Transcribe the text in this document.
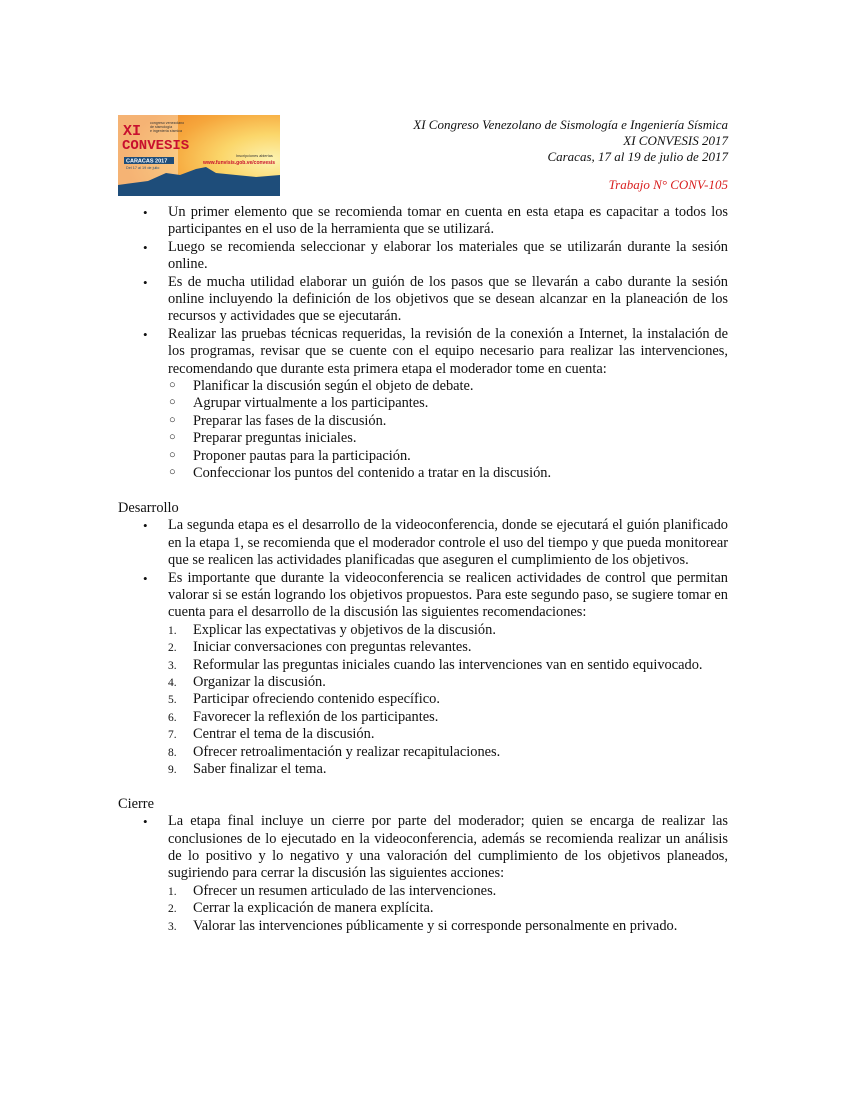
XI
CONVESIS
congreso venezolano
de sismología
e ingeniería sísmica
CARACAS 2017
Del 17 al 19 de julio
Inscripciones abiertas
www.funvisis.gob.ve/convesis
XI Congreso Venezolano de Sismología e Ingeniería Sísmica
XI CONVESIS 2017
Caracas, 17 al 19 de julio de 2017
Trabajo N° CONV-105
• Un primer elemento que se recomienda tomar en cuenta en esta etapa es capacitar a todos los participantes en el uso de la herramienta que se utilizará.
• Luego se recomienda seleccionar y elaborar los materiales que se utilizarán durante la sesión online.
• Es de mucha utilidad elaborar un guión de los pasos que se llevarán a cabo durante la sesión online incluyendo la definición de los objetivos que se desean alcanzar en la planeación de los recursos y actividades que se ejecutarán.
• Realizar las pruebas técnicas requeridas, la revisión de la conexión a Internet, la instalación de los programas, revisar que se cuente con el equipo necesario para realizar las intervenciones, recomendando que durante esta primera etapa el moderador tome en cuenta:
○ Planificar la discusión según el objeto de debate.
○ Agrupar virtualmente a los participantes.
○ Preparar las fases de la discusión.
○ Preparar preguntas iniciales.
○ Proponer pautas para la participación.
○ Confeccionar los puntos del contenido a tratar en la discusión.
Desarrollo
• La segunda etapa es el desarrollo de la videoconferencia, donde se ejecutará el guión planificado en la etapa 1, se recomienda que el moderador controle el uso del tiempo y que pueda monitorear que se realicen las actividades planificadas que aseguren el cumplimiento de los objetivos.
• Es importante que durante la videoconferencia se realicen actividades de control que permitan valorar si se están logrando los objetivos propuestos. Para este segundo paso, se sugiere tomar en cuenta para el desarrollo de la discusión las siguientes recomendaciones:
1. Explicar las expectativas y objetivos de la discusión.
2. Iniciar conversaciones con preguntas relevantes.
3. Reformular las preguntas iniciales cuando las intervenciones van en sentido equivocado.
4. Organizar la discusión.
5. Participar ofreciendo contenido específico.
6. Favorecer la reflexión de los participantes.
7. Centrar el tema de la discusión.
8. Ofrecer retroalimentación y realizar recapitulaciones.
9. Saber finalizar el tema.
Cierre
• La etapa final incluye un cierre por parte del moderador; quien se encarga de realizar las conclusiones de lo ejecutado en la videoconferencia, además se recomienda realizar un análisis de lo positivo y lo negativo y una valoración del cumplimiento de los objetivos planeados, sugiriendo para cerrar la discusión las siguientes acciones:
1. Ofrecer un resumen articulado de las intervenciones.
2. Cerrar la explicación de manera explícita.
3. Valorar las intervenciones públicamente y si corresponde personalmente en privado.
